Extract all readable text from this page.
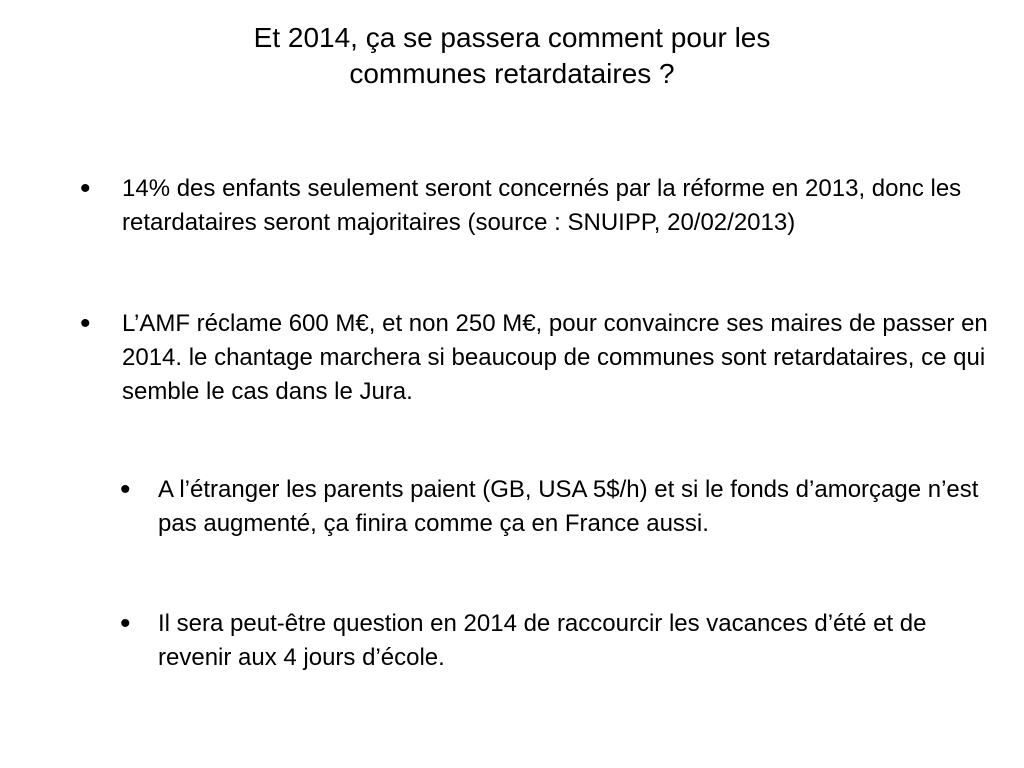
Et 2014, ça se passera comment pour les
communes retardataires ?
• 14% des enfants seulement seront concernés par la réforme en 2013, donc les retardataires seront majoritaires (source : SNUIPP, 20/02/2013)
• L’AMF réclame 600 M€, et non 250 M€, pour convaincre ses maires de passer en 2014. le chantage marchera si beaucoup de communes sont retardataires, ce qui semble le cas dans le Jura.
• A l’étranger les parents paient (GB, USA 5$/h) et si le fonds d’amorçage n’est pas augmenté, ça finira comme ça en France aussi.
• Il sera peut-être question en 2014 de raccourcir les vacances d’été et de revenir aux 4 jours d’école.
